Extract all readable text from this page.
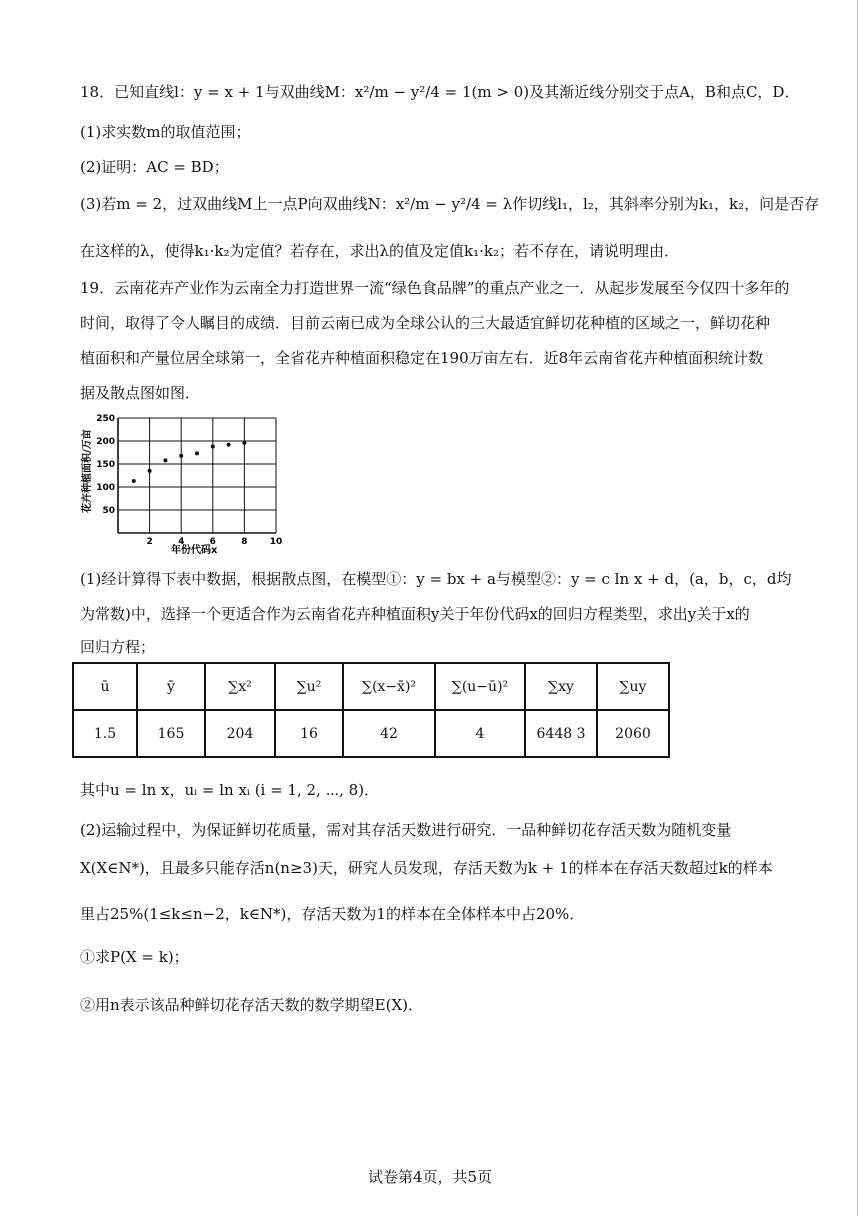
18．已知直线l：y = x + 1与双曲线M：x²/m − y²/4 = 1(m > 0)及其渐近线分别交于点A，B和点C，D．
(1)求实数m的取值范围；
(2)证明：AC = BD；
(3)若m = 2，过双曲线M上一点P向双曲线N：x²/m − y²/4 = λ作切线l₁，l₂，其斜率分别为k₁，k₂，问是否存
在这样的λ，使得k₁·k₂为定值？若存在，求出λ的值及定值k₁·k₂；若不存在，请说明理由．
19．云南花卉产业作为云南全力打造世界一流“绿色食品牌”的重点产业之一．从起步发展至今仅四十多年的
时间，取得了令人瞩目的成绩．目前云南已成为全球公认的三大最适宜鲜切花种植的区域之一，鲜切花种
植面积和产量位居全球第一，全省花卉种植面积稳定在190万亩左右．近8年云南省花卉种植面积统计数
据及散点图如图．
50
100
150
200
250
2	4	6	8 10
花卉种植面积/万亩
年份代码x
(1)经计算得下表中数据，根据散点图，在模型①：y = bx + a与模型②：y = c ln x + d，(a，b，c，d均
为常数)中，选择一个更适合作为云南省花卉种植面积y关于年份代码x的回归方程类型，求出y关于x的
回归方程；
ū	ȳ	∑x²	∑u²	∑(x−x̄)²	∑(u−ū)²	∑xy	∑uy
1.5	165	204	16	42	4	6448 3	2060
其中u = ln x，uᵢ = ln xᵢ (i = 1, 2, ⋯, 8)．
(2)运输过程中，为保证鲜切花质量，需对其存活天数进行研究．一品种鲜切花存活天数为随机变量
X(X∈N*)，且最多只能存活n(n≥3)天，研究人员发现，存活天数为k + 1的样本在存活天数超过k的样本
里占25%(1≤k≤n−2，k∈N*)，存活天数为1的样本在全体样本中占20%．
①求P(X = k)；
②用n表示该品种鲜切花存活天数的数学期望E(X)．
试卷第4页，共5页
